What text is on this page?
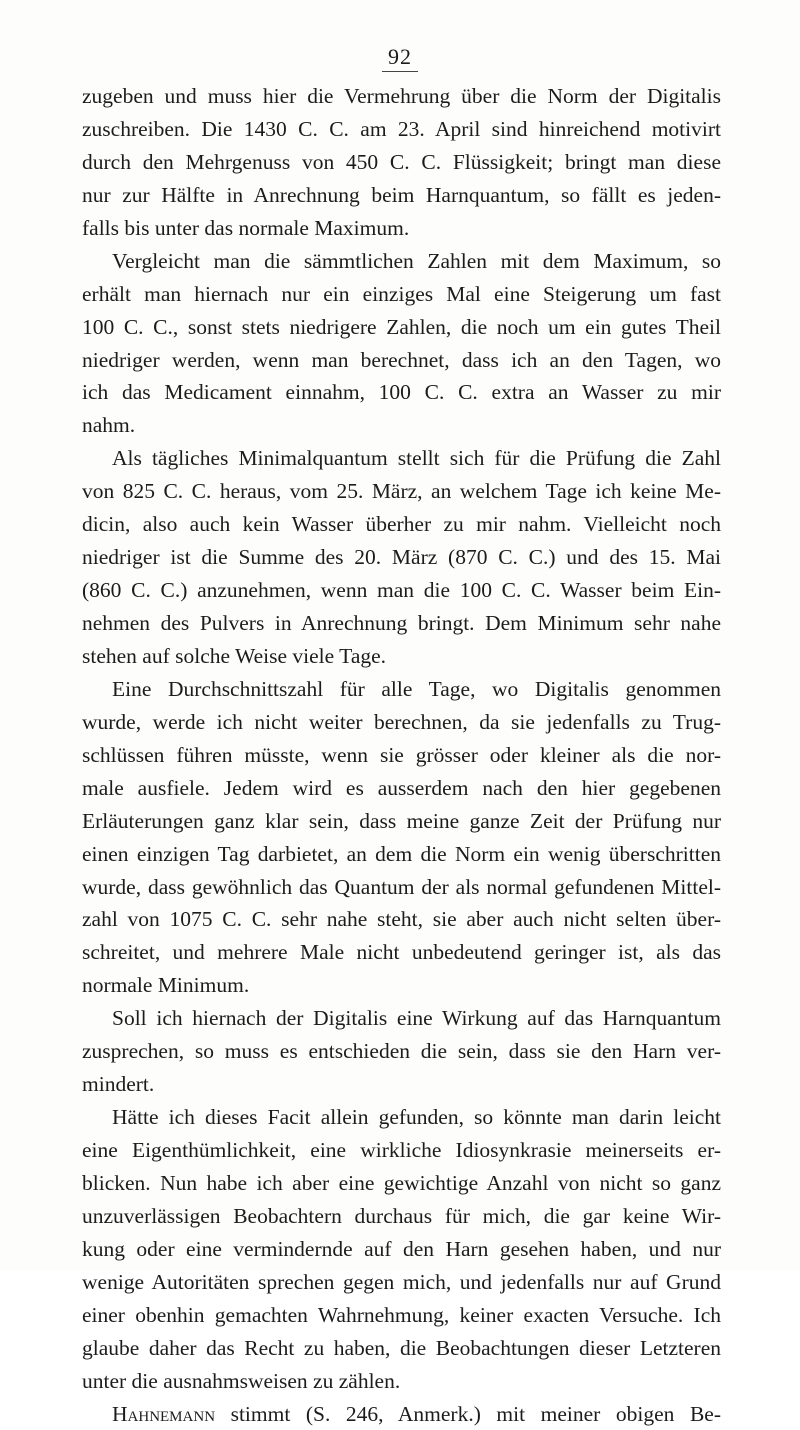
92
zugeben und muss hier die Vermehrung über die Norm der Digitalis
zuschreiben. Die 1430 C. C. am 23. April sind hinreichend motivirt
durch den Mehrgenuss von 450 C. C. Flüssigkeit; bringt man diese
nur zur Hälfte in Anrechnung beim Harnquantum, so fällt es jeden-
falls bis unter das normale Maximum.
Vergleicht man die sämmtlichen Zahlen mit dem Maximum, so
erhält man hiernach nur ein einziges Mal eine Steigerung um fast
100 C. C., sonst stets niedrigere Zahlen, die noch um ein gutes Theil
niedriger werden, wenn man berechnet, dass ich an den Tagen, wo
ich das Medicament einnahm, 100 C. C. extra an Wasser zu mir
nahm.
Als tägliches Minimalquantum stellt sich für die Prüfung die Zahl
von 825 C. C. heraus, vom 25. März, an welchem Tage ich keine Me-
dicin, also auch kein Wasser überher zu mir nahm. Vielleicht noch
niedriger ist die Summe des 20. März (870 C. C.) und des 15. Mai
(860 C. C.) anzunehmen, wenn man die 100 C. C. Wasser beim Ein-
nehmen des Pulvers in Anrechnung bringt. Dem Minimum sehr nahe
stehen auf solche Weise viele Tage.
Eine Durchschnittszahl für alle Tage, wo Digitalis genommen
wurde, werde ich nicht weiter berechnen, da sie jedenfalls zu Trug-
schlüssen führen müsste, wenn sie grösser oder kleiner als die nor-
male ausfiele. Jedem wird es ausserdem nach den hier gegebenen
Erläuterungen ganz klar sein, dass meine ganze Zeit der Prüfung nur
einen einzigen Tag darbietet, an dem die Norm ein wenig überschritten
wurde, dass gewöhnlich das Quantum der als normal gefundenen Mittel-
zahl von 1075 C. C. sehr nahe steht, sie aber auch nicht selten über-
schreitet, und mehrere Male nicht unbedeutend geringer ist, als das
normale Minimum.
Soll ich hiernach der Digitalis eine Wirkung auf das Harnquantum
zusprechen, so muss es entschieden die sein, dass sie den Harn ver-
mindert.
Hätte ich dieses Facit allein gefunden, so könnte man darin leicht
eine Eigenthümlichkeit, eine wirkliche Idiosynkrasie meinerseits er-
blicken. Nun habe ich aber eine gewichtige Anzahl von nicht so ganz
unzuverlässigen Beobachtern durchaus für mich, die gar keine Wir-
kung oder eine vermindernde auf den Harn gesehen haben, und nur
wenige Autoritäten sprechen gegen mich, und jedenfalls nur auf Grund
einer obenhin gemachten Wahrnehmung, keiner exacten Versuche. Ich
glaube daher das Recht zu haben, die Beobachtungen dieser Letzteren
unter die ausnahmsweisen zu zählen.
Hahnemann stimmt (S. 246, Anmerk.) mit meiner obigen Be-
